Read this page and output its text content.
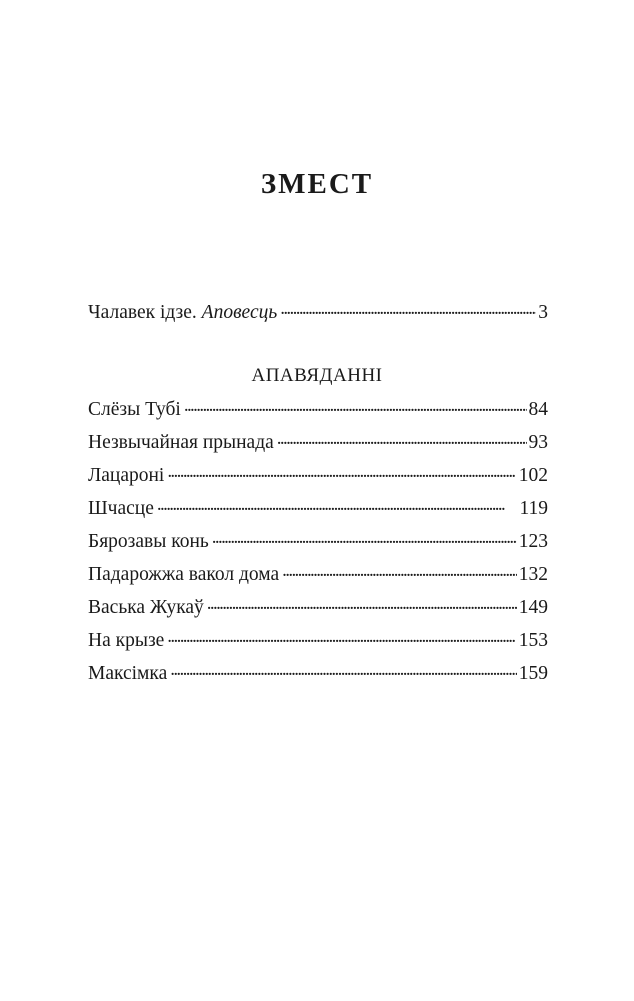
ЗМЕСТ
Чалавек ідзе. Аповесць . . .	3
АПАВЯДАННІ
Слёзы Тубі . . .	84
Незвычайная прынада . . .	93
Лацароні . . .	102
Шчасце . . .	119
Бярозавы конь . . .	123
Падарожжа вакол дома . . .	132
Васька Жукаў . . .	149
На крызе . . .	153
Максімка . . .	159
